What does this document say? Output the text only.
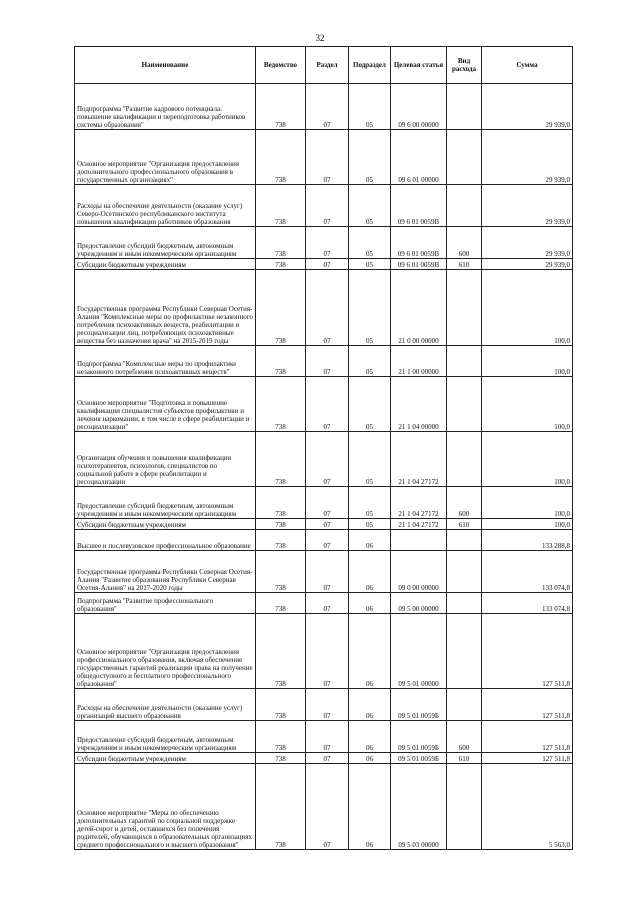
32
Наименование	Ведомство	Раздел	Подраздел	Целевая статья	Вид расхода	Сумма
Подпрограмма "Развитие кадрового потенциала: повышение квалификации и переподготовка работников системы образования"	738	07	05	09 6 00 00000		29 939,0
Основное мероприятие "Организация предоставления дополнительного профессионального образования в государственных организациях"	738	07	05	09 6 01 00000		29 939,0
Расходы на обеспечение деятельности (оказание услуг) Северо-Осетинского республиканского института повышения квалификации работников образования	738	07	05	09 6 01 0059В		29 939,0
Предоставление субсидий бюджетным, автономным учреждениям и иным некоммерческим организациям	738	07	05	09 6 01 0059В	600	29 939,0
Субсидии бюджетным учреждениям	738	07	05	09 6 01 0059В	610	29 939,0
Государственная программа Республики Северная Осетия-Алания "Комплексные меры по профилактике незаконного потребления психоактивных веществ, реабилитации и ресоциализации лиц, потребляющих психоактивные вещества без назначения врача" на 2015-2019 годы	738	07	05	21 0 00 00000		100,0
Подпрограмма "Комплексные меры по профилактике незаконного потребления психоактивных веществ"	738	07	05	21 1 00 00000		100,0
Основное мероприятие "Подготовка и повышение квалификации специалистов субъектов профилактики и лечения наркомании, в том числе в сфере реабилитации и ресоциализации"	738	07	05	21 1 04 00000		100,0
Организация обучения и повышения квалификации психотерапевтов, психологов, специалистов по социальной работе в сфере реабилитации и ресоциализации	738	07	05	21 1 04 27172		100,0
Предоставление субсидий бюджетным, автономным учреждениям и иным некоммерческим организациям	738	07	05	21 1 04 27172	600	100,0
Субсидии бюджетным учреждениям	738	07	05	21 1 04 27172	610	100,0
Высшее и послевузовское профессиональное образование	738	07	06			133 288,8
Государственная программа Республики Северная Осетия-Алания "Развитие образования Республики Северная Осетия-Алания" на 2017-2020 годы	738	07	06	09 0 00 00000		133 074,8
Подпрограмма "Развитие профессионального образования"	738	07	06	09 5 00 00000		133 074,8
Основное мероприятие "Организация предоставления профессионального образования, включая обеспечение государственных гарантий реализации права на получение общедоступного и бесплатного профессионального образования"	738	07	06	09 5 01 00000		127 511,8
Расходы на обеспечение деятельности (оказание услуг) организаций высшего образования	738	07	06	09 5 01 0059Б		127 511,8
Предоставление субсидий бюджетным, автономным учреждениям и иным некоммерческим организациям	738	07	06	09 5 01 0059Б	600	127 511,8
Субсидии бюджетным учреждениям	738	07	06	09 5 01 0059Б	610	127 511,8
Основное мероприятие "Меры по обеспечению дополнительных гарантий по социальной поддержке детей-сирот и детей, оставшихся без попечения родителей, обучающихся в образовательных организациях среднего профессионального и высшего образования"	738	07	06	09 5 03 00000		5 563,0
